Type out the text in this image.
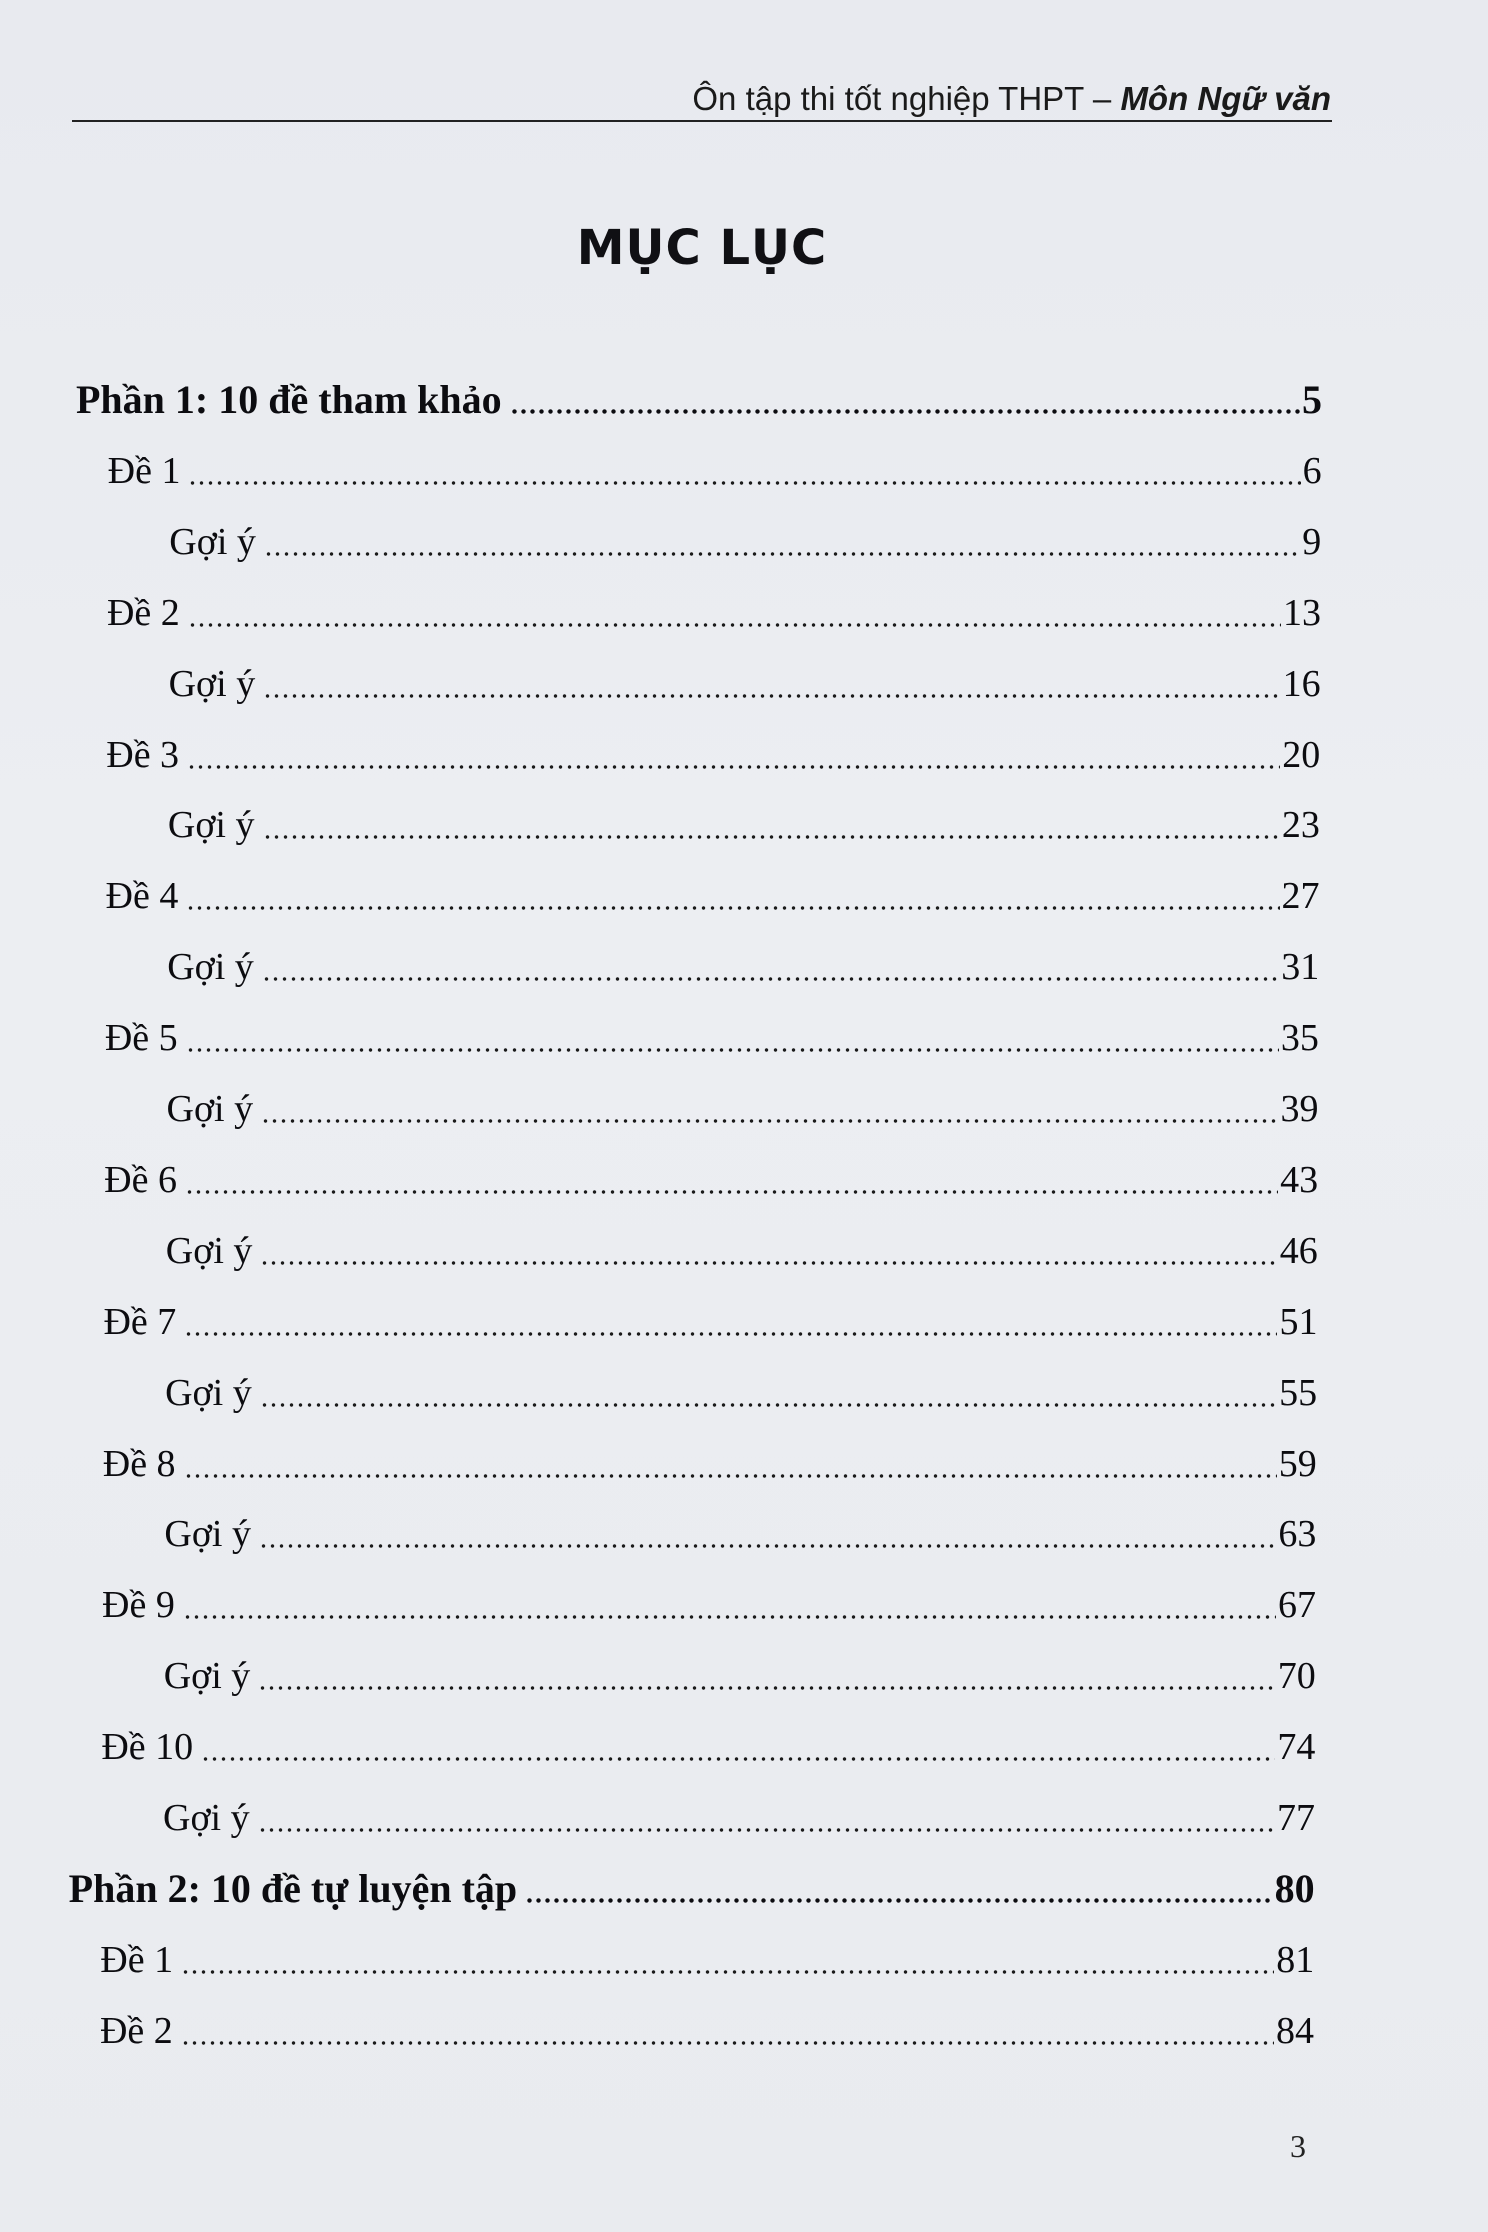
Ôn tập thi tốt nghiệp THPT – Môn Ngữ văn
MỤC LỤC
Phần 1: 10 đề tham khảo	5
Đề 1	6
Gợi ý	9
Đề 2	13
Gợi ý	16
Đề 3	20
Gợi ý	23
Đề 4	27
Gợi ý	31
Đề 5	35
Gợi ý	39
Đề 6	43
Gợi ý	46
Đề 7	51
Gợi ý	55
Đề 8	59
Gợi ý	63
Đề 9	67
Gợi ý	70
Đề 10	74
Gợi ý	77
Phần 2: 10 đề tự luyện tập	80
Đề 1	81
Đề 2	84
3
